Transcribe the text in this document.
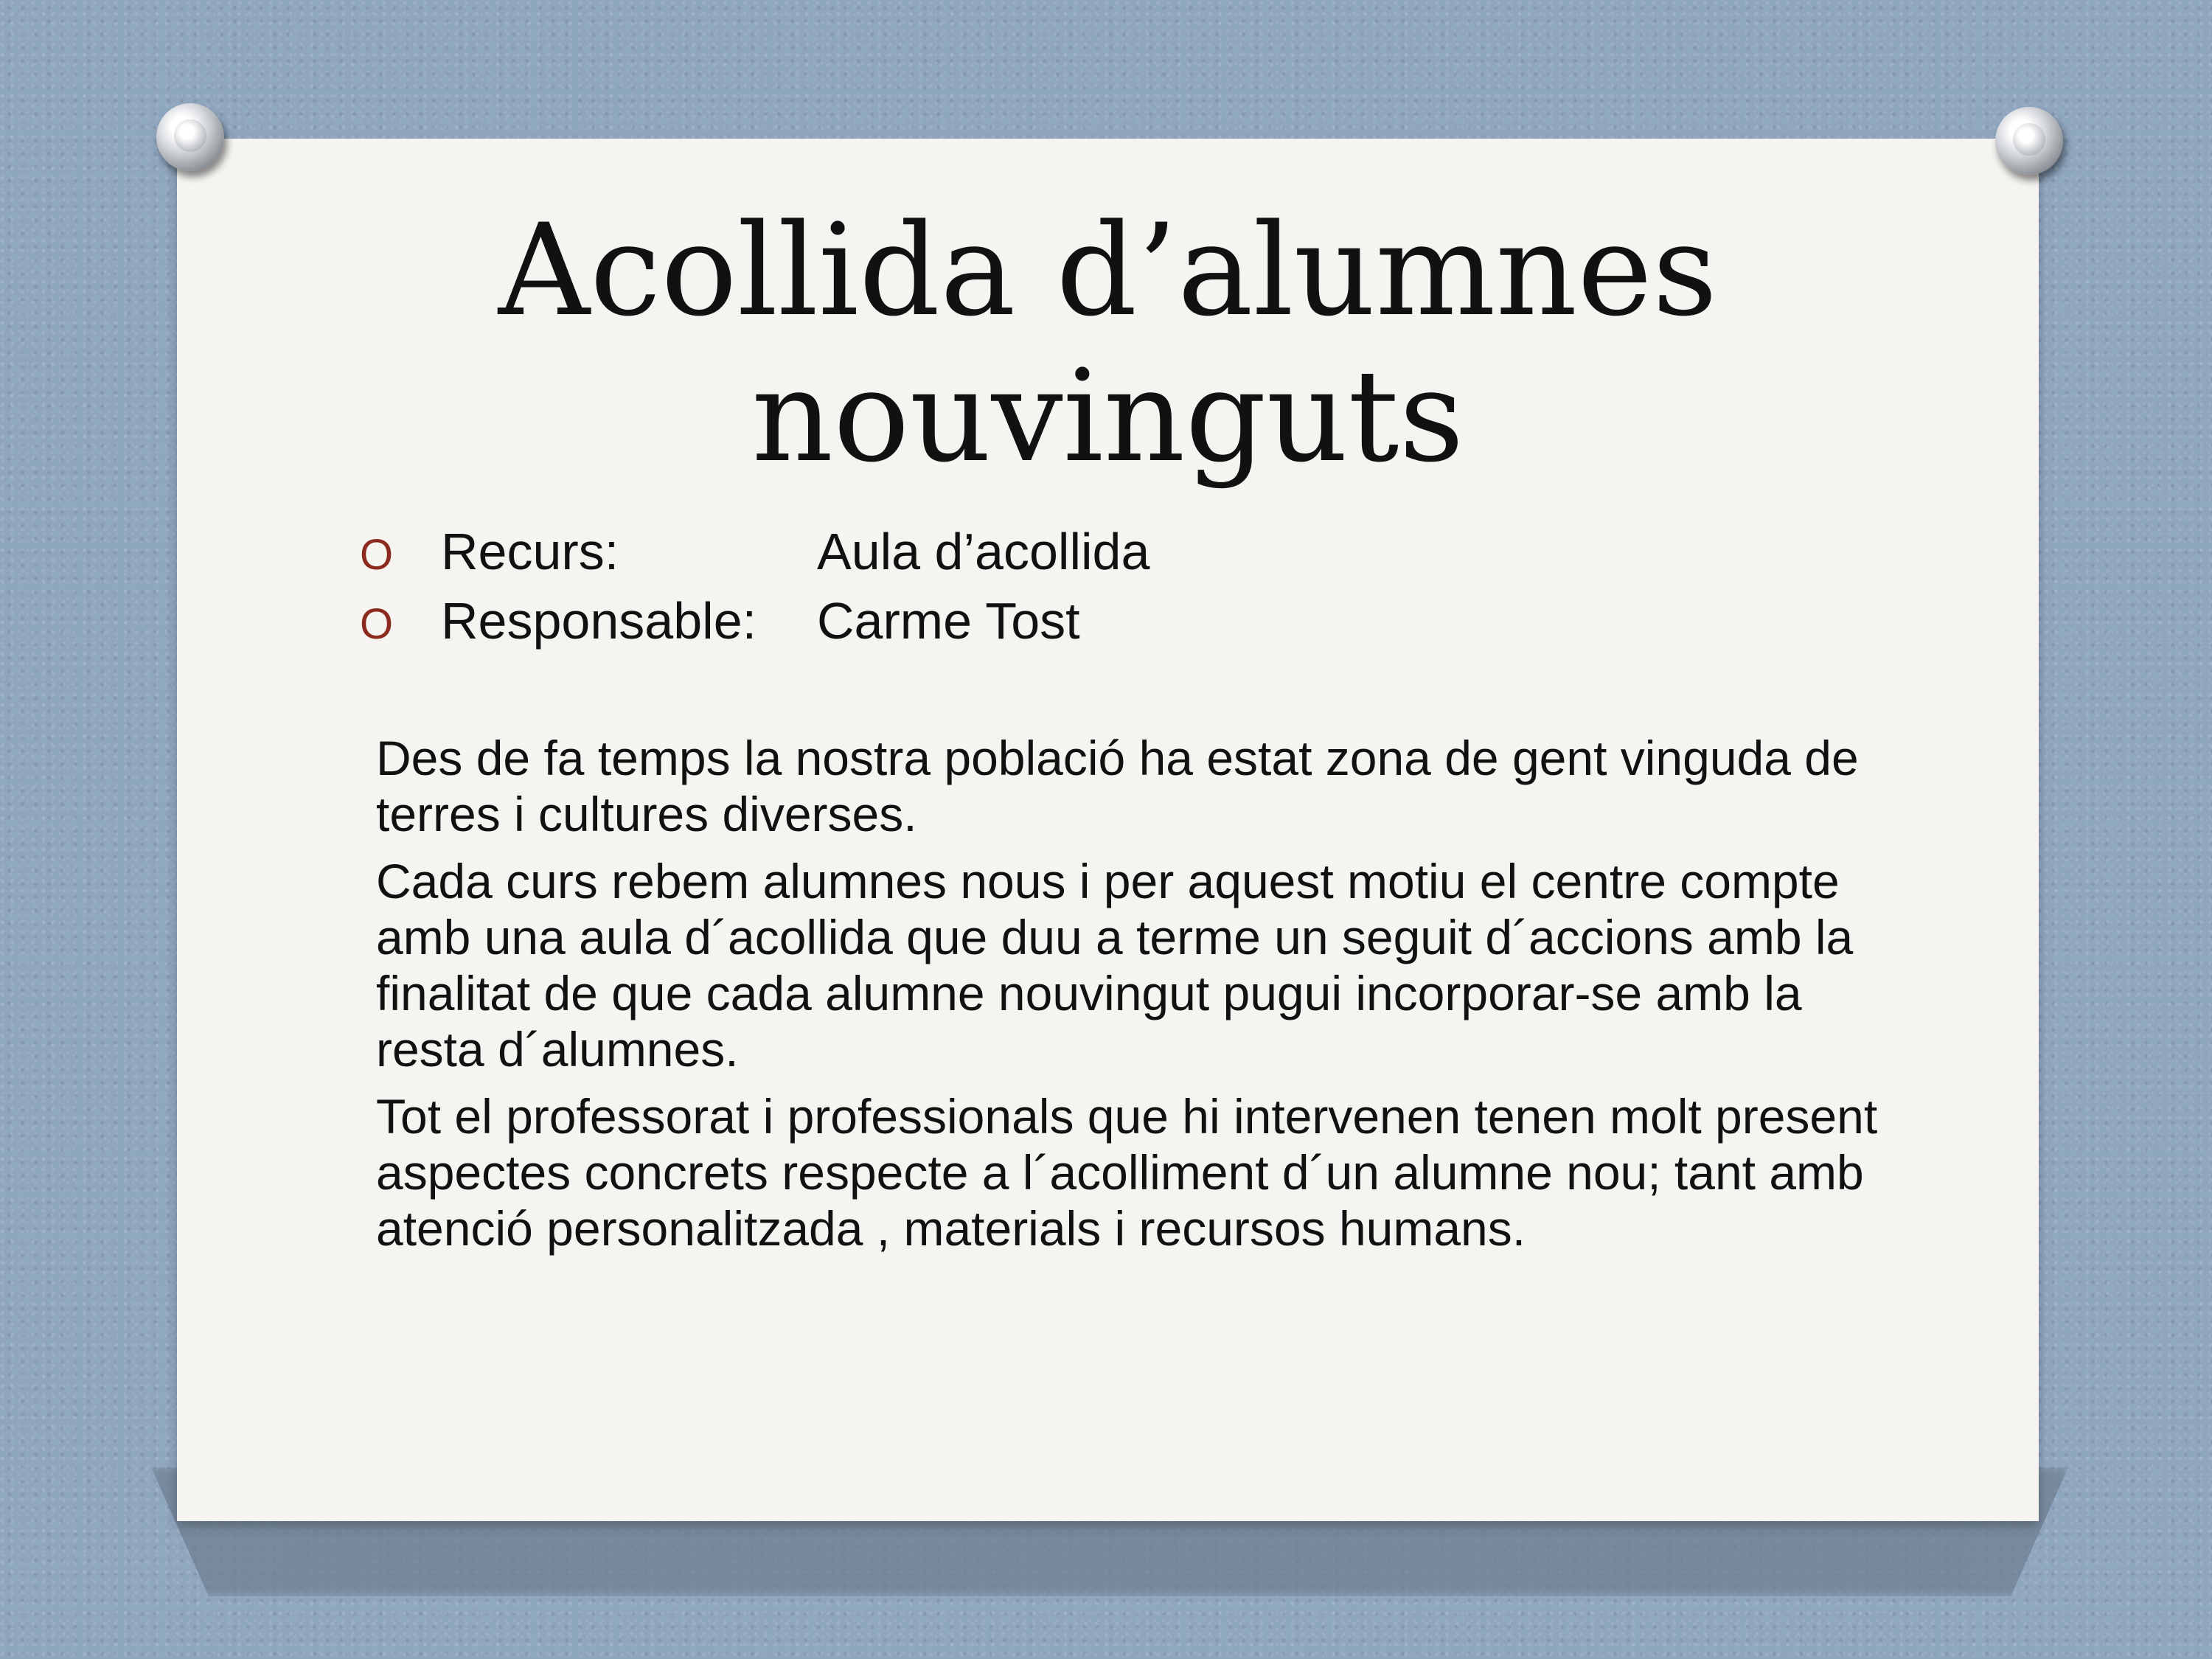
Acollida d’alumnes
nouvinguts
O Recurs:	Aula d’acollida
O Responsable:	Carme Tost

Des de fa temps la nostra població ha estat zona de gent vinguda de terres i cultures diverses.

Cada curs rebem alumnes nous i per aquest motiu el centre compte amb una aula d´acollida que duu a terme un seguit d´accions amb la finalitat de que cada alumne nouvingut pugui incorporar-se amb la resta d´alumnes.

Tot el professorat i professionals que hi intervenen tenen molt present aspectes concrets respecte a l´acolliment d´un alumne nou; tant amb atenció personalitzada , materials i recursos humans.
